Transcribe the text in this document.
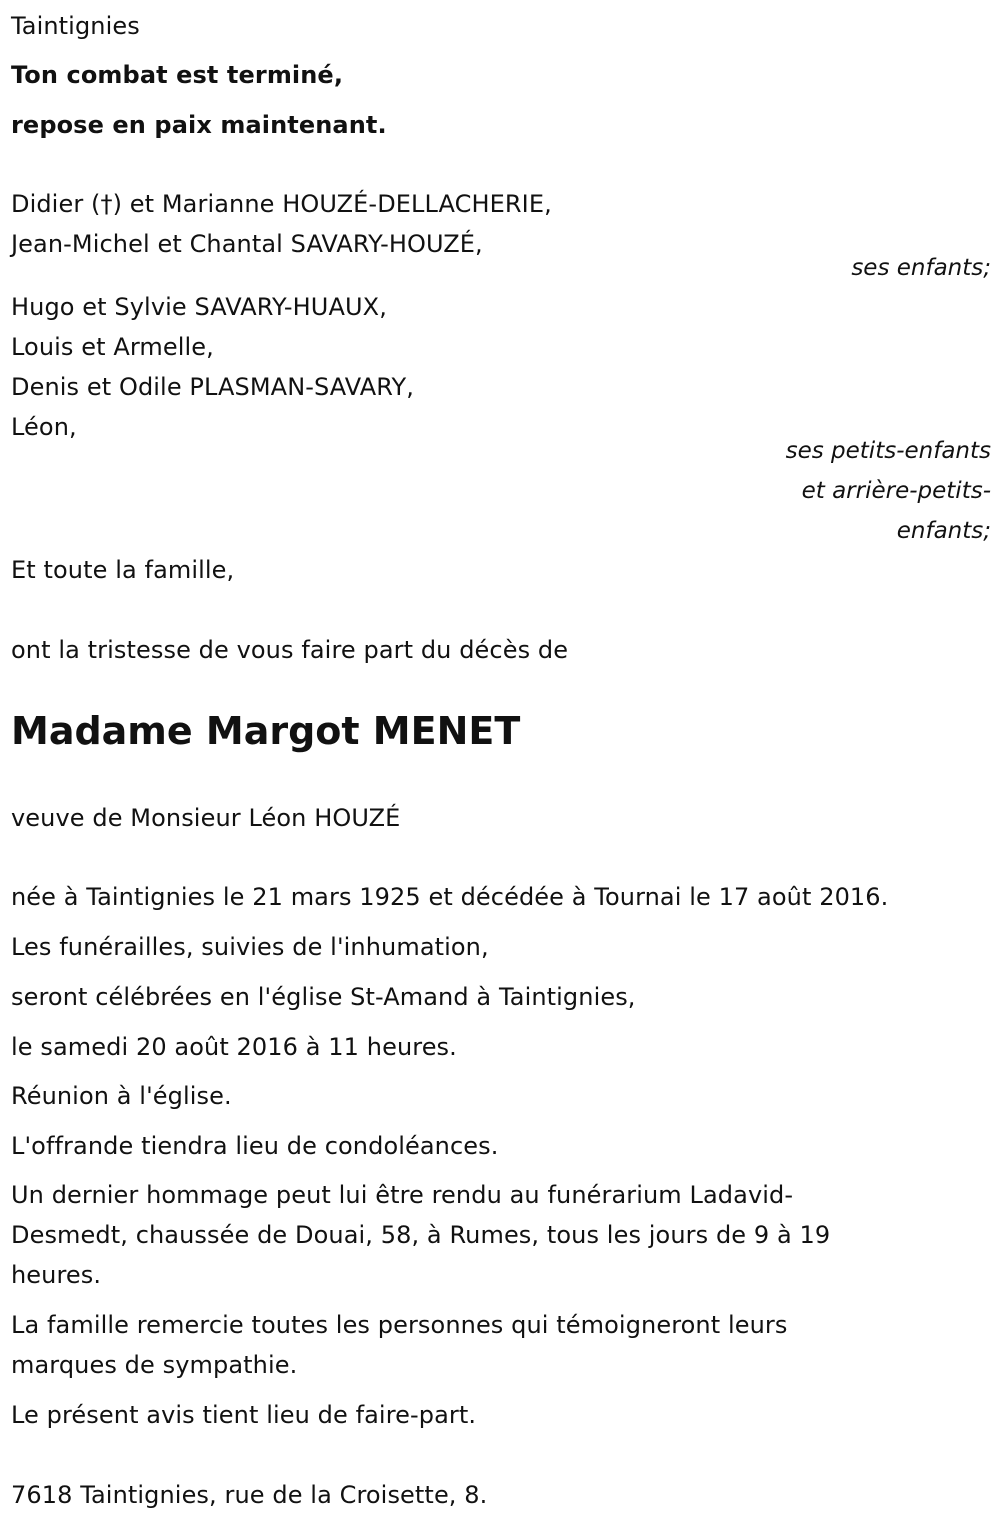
Taintignies
Ton combat est terminé,
repose en paix maintenant.
Didier (†) et Marianne HOUZÉ-DELLACHERIE,
Jean-Michel et Chantal SAVARY-HOUZÉ,
ses enfants;
Hugo et Sylvie SAVARY-HUAUX,
Louis et Armelle,
Denis et Odile PLASMAN-SAVARY,
Léon,
ses petits-enfants
et arrière-petits-
enfants;
Et toute la famille,
ont la tristesse de vous faire part du décès de
Madame Margot MENET
veuve de Monsieur Léon HOUZÉ
née à Taintignies le 21 mars 1925 et décédée à Tournai le 17 août 2016.
Les funérailles, suivies de l'inhumation,
seront célébrées en l'église St-Amand à Taintignies,
le samedi 20 août 2016 à 11 heures.
Réunion à l'église.
L'offrande tiendra lieu de condoléances.
Un dernier hommage peut lui être rendu au funérarium Ladavid-
Desmedt, chaussée de Douai, 58, à Rumes, tous les jours de 9 à 19
heures.
La famille remercie toutes les personnes qui témoigneront leurs
marques de sympathie.
Le présent avis tient lieu de faire-part.
7618 Taintignies, rue de la Croisette, 8.
